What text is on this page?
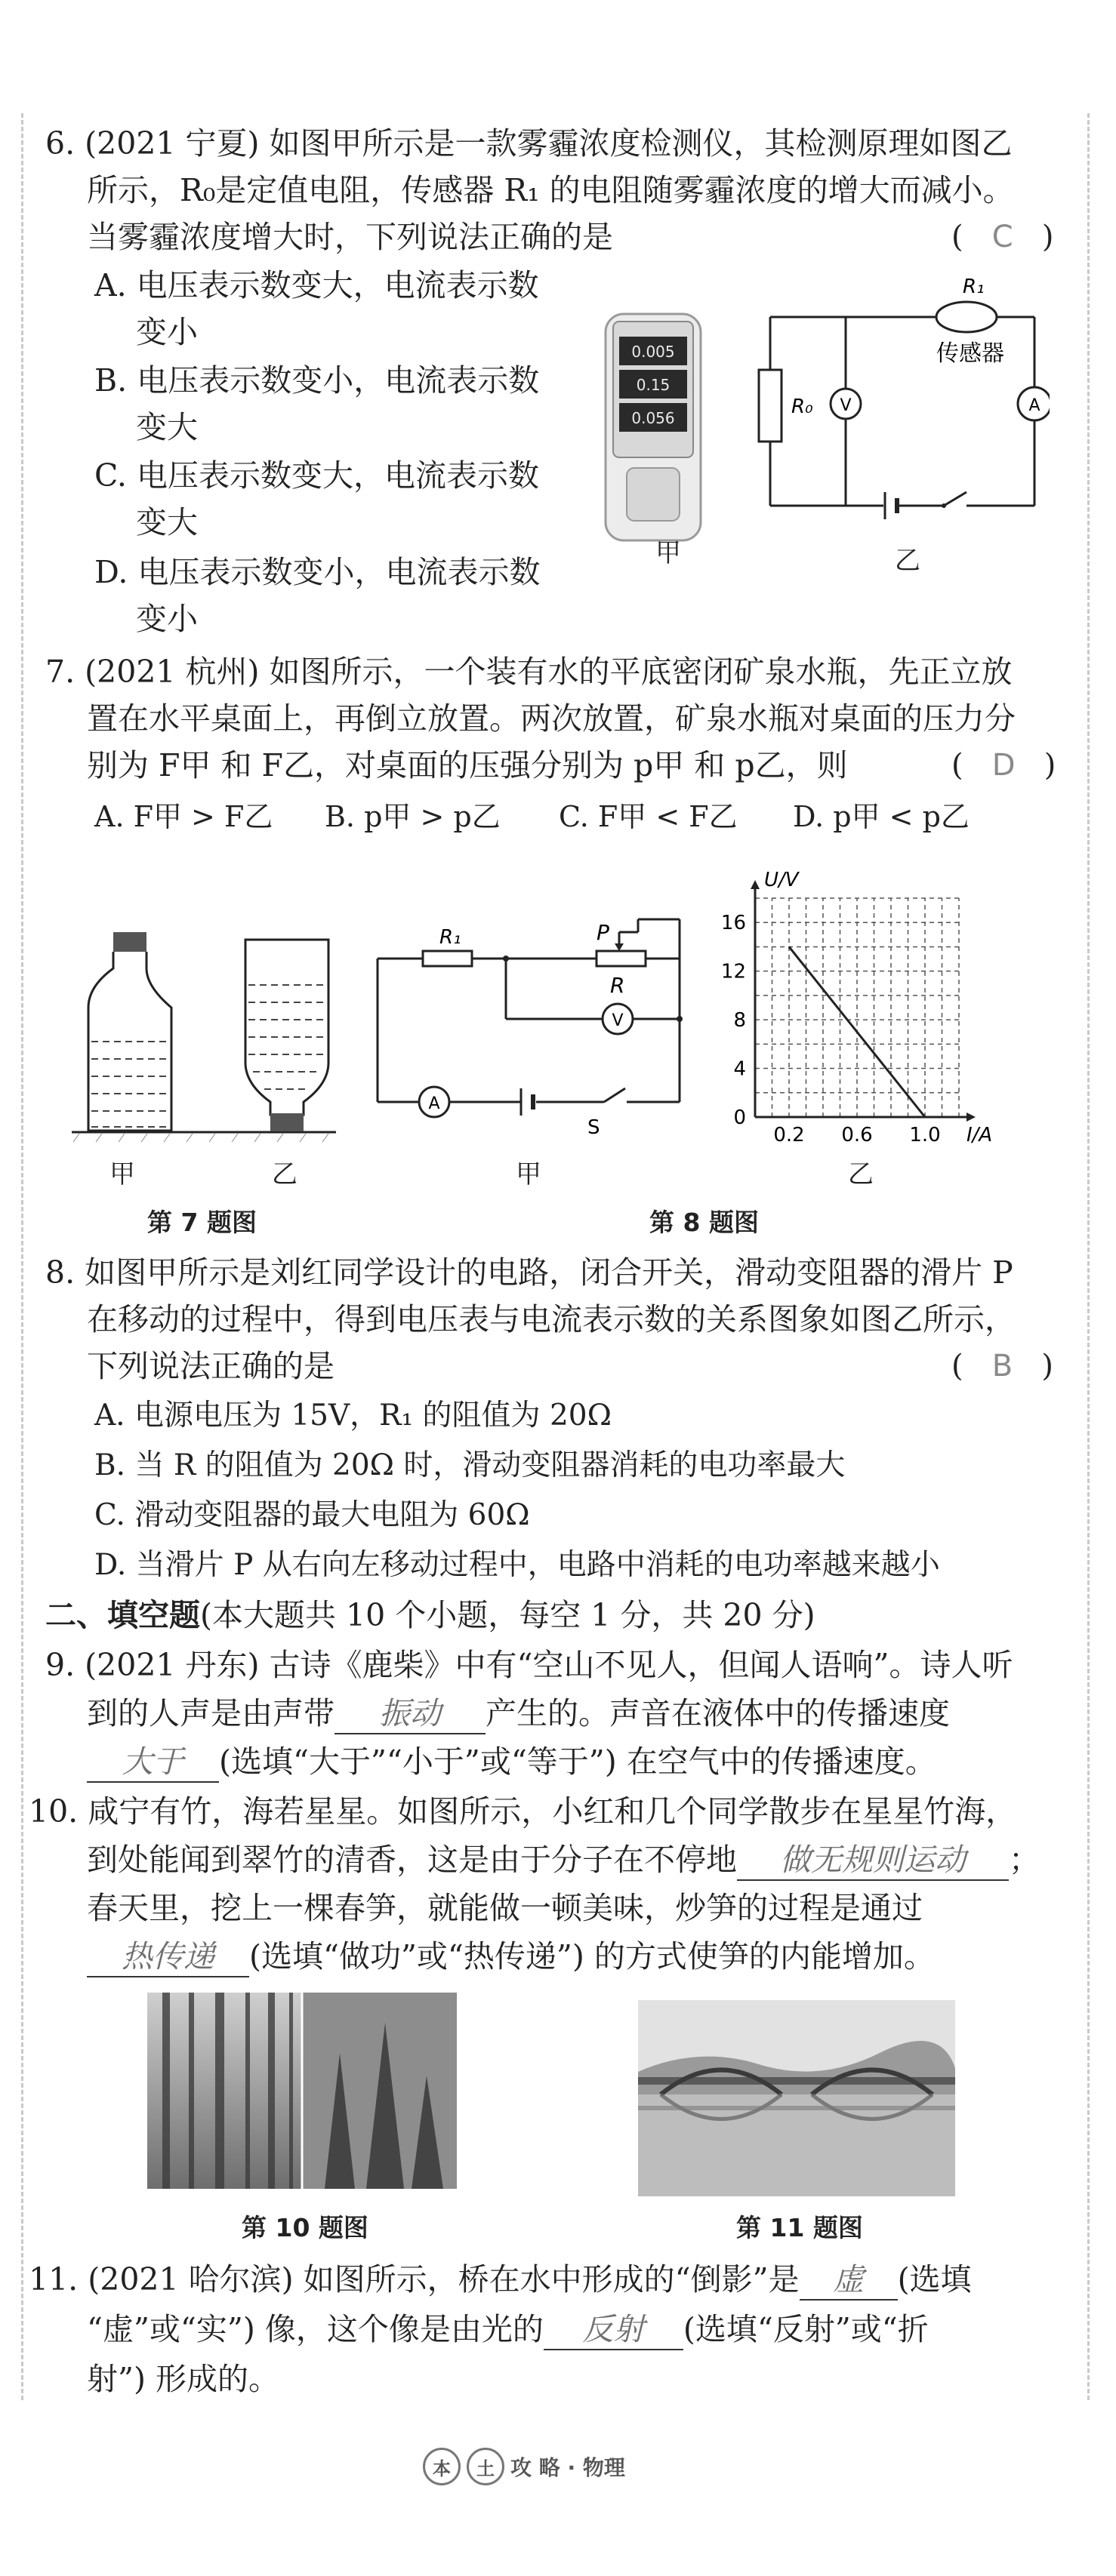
6. (2021 宁夏) 如图甲所示是一款雾霾浓度检测仪，其检测原理如图乙
所示，R₀是定值电阻，传感器 R₁ 的电阻随雾霾浓度的增大而减小。
当雾霾浓度增大时，下列说法正确的是	(   C   )
A. 电压表示数变大，电流表示数
变小
B. 电压表示数变小，电流表示数
变大
C. 电压表示数变大，电流表示数
变大
D. 电压表示数变小，电流表示数
变小
0.005
0.15
0.056
甲
R₁
R₀
传感器
V	A
乙
7. (2021 杭州) 如图所示，一个装有水的平底密闭矿泉水瓶，先正立放
置在水平桌面上，再倒立放置。两次放置，矿泉水瓶对桌面的压力分
别为 F甲 和 F乙，对桌面的压强分别为 p甲 和 p乙，则	(   D   )
A. F甲 > F乙 B. p甲 > p乙 C. F甲 < F乙 D. p甲 < p乙
甲	乙
第 7 题图
R₁	P
R
V
A
S
甲
0.2 0.6 1.0
0
4
8
12
16
U/V
I/A
乙
第 8 题图
8. 如图甲所示是刘红同学设计的电路，闭合开关，滑动变阻器的滑片 P
在移动的过程中，得到电压表与电流表示数的关系图象如图乙所示，
下列说法正确的是	(   B   )
A. 电源电压为 15V，R₁ 的阻值为 20Ω
B. 当 R 的阻值为 20Ω 时，滑动变阻器消耗的电功率最大
C. 滑动变阻器的最大电阻为 60Ω
D. 当滑片 P 从右向左移动过程中，电路中消耗的电功率越来越小
二、填空题(本大题共 10 个小题，每空 1 分，共 20 分)
9. (2021 丹东) 古诗《鹿柴》中有“空山不见人，但闻人语响”。诗人听
到的人声是由声带 振动 产生的。声音在液体中的传播速度
大于 (选填“大于”“小于”或“等于”) 在空气中的传播速度。
10. 咸宁有竹，海若星星。如图所示，小红和几个同学散步在星星竹海，
到处能闻到翠竹的清香，这是由于分子在不停地 做无规则运动 ；
春天里，挖上一棵春笋，就能做一顿美味，炒笋的过程是通过
热传递 (选填“做功”或“热传递”) 的方式使笋的内能增加。
第 10 题图	第 11 题图
11. (2021 哈尔滨) 如图所示，桥在水中形成的“倒影”是 虚 (选填
“虚”或“实”) 像，这个像是由光的 反射 (选填“反射”或“折
射”) 形成的。
本	土 攻 略 · 物理
